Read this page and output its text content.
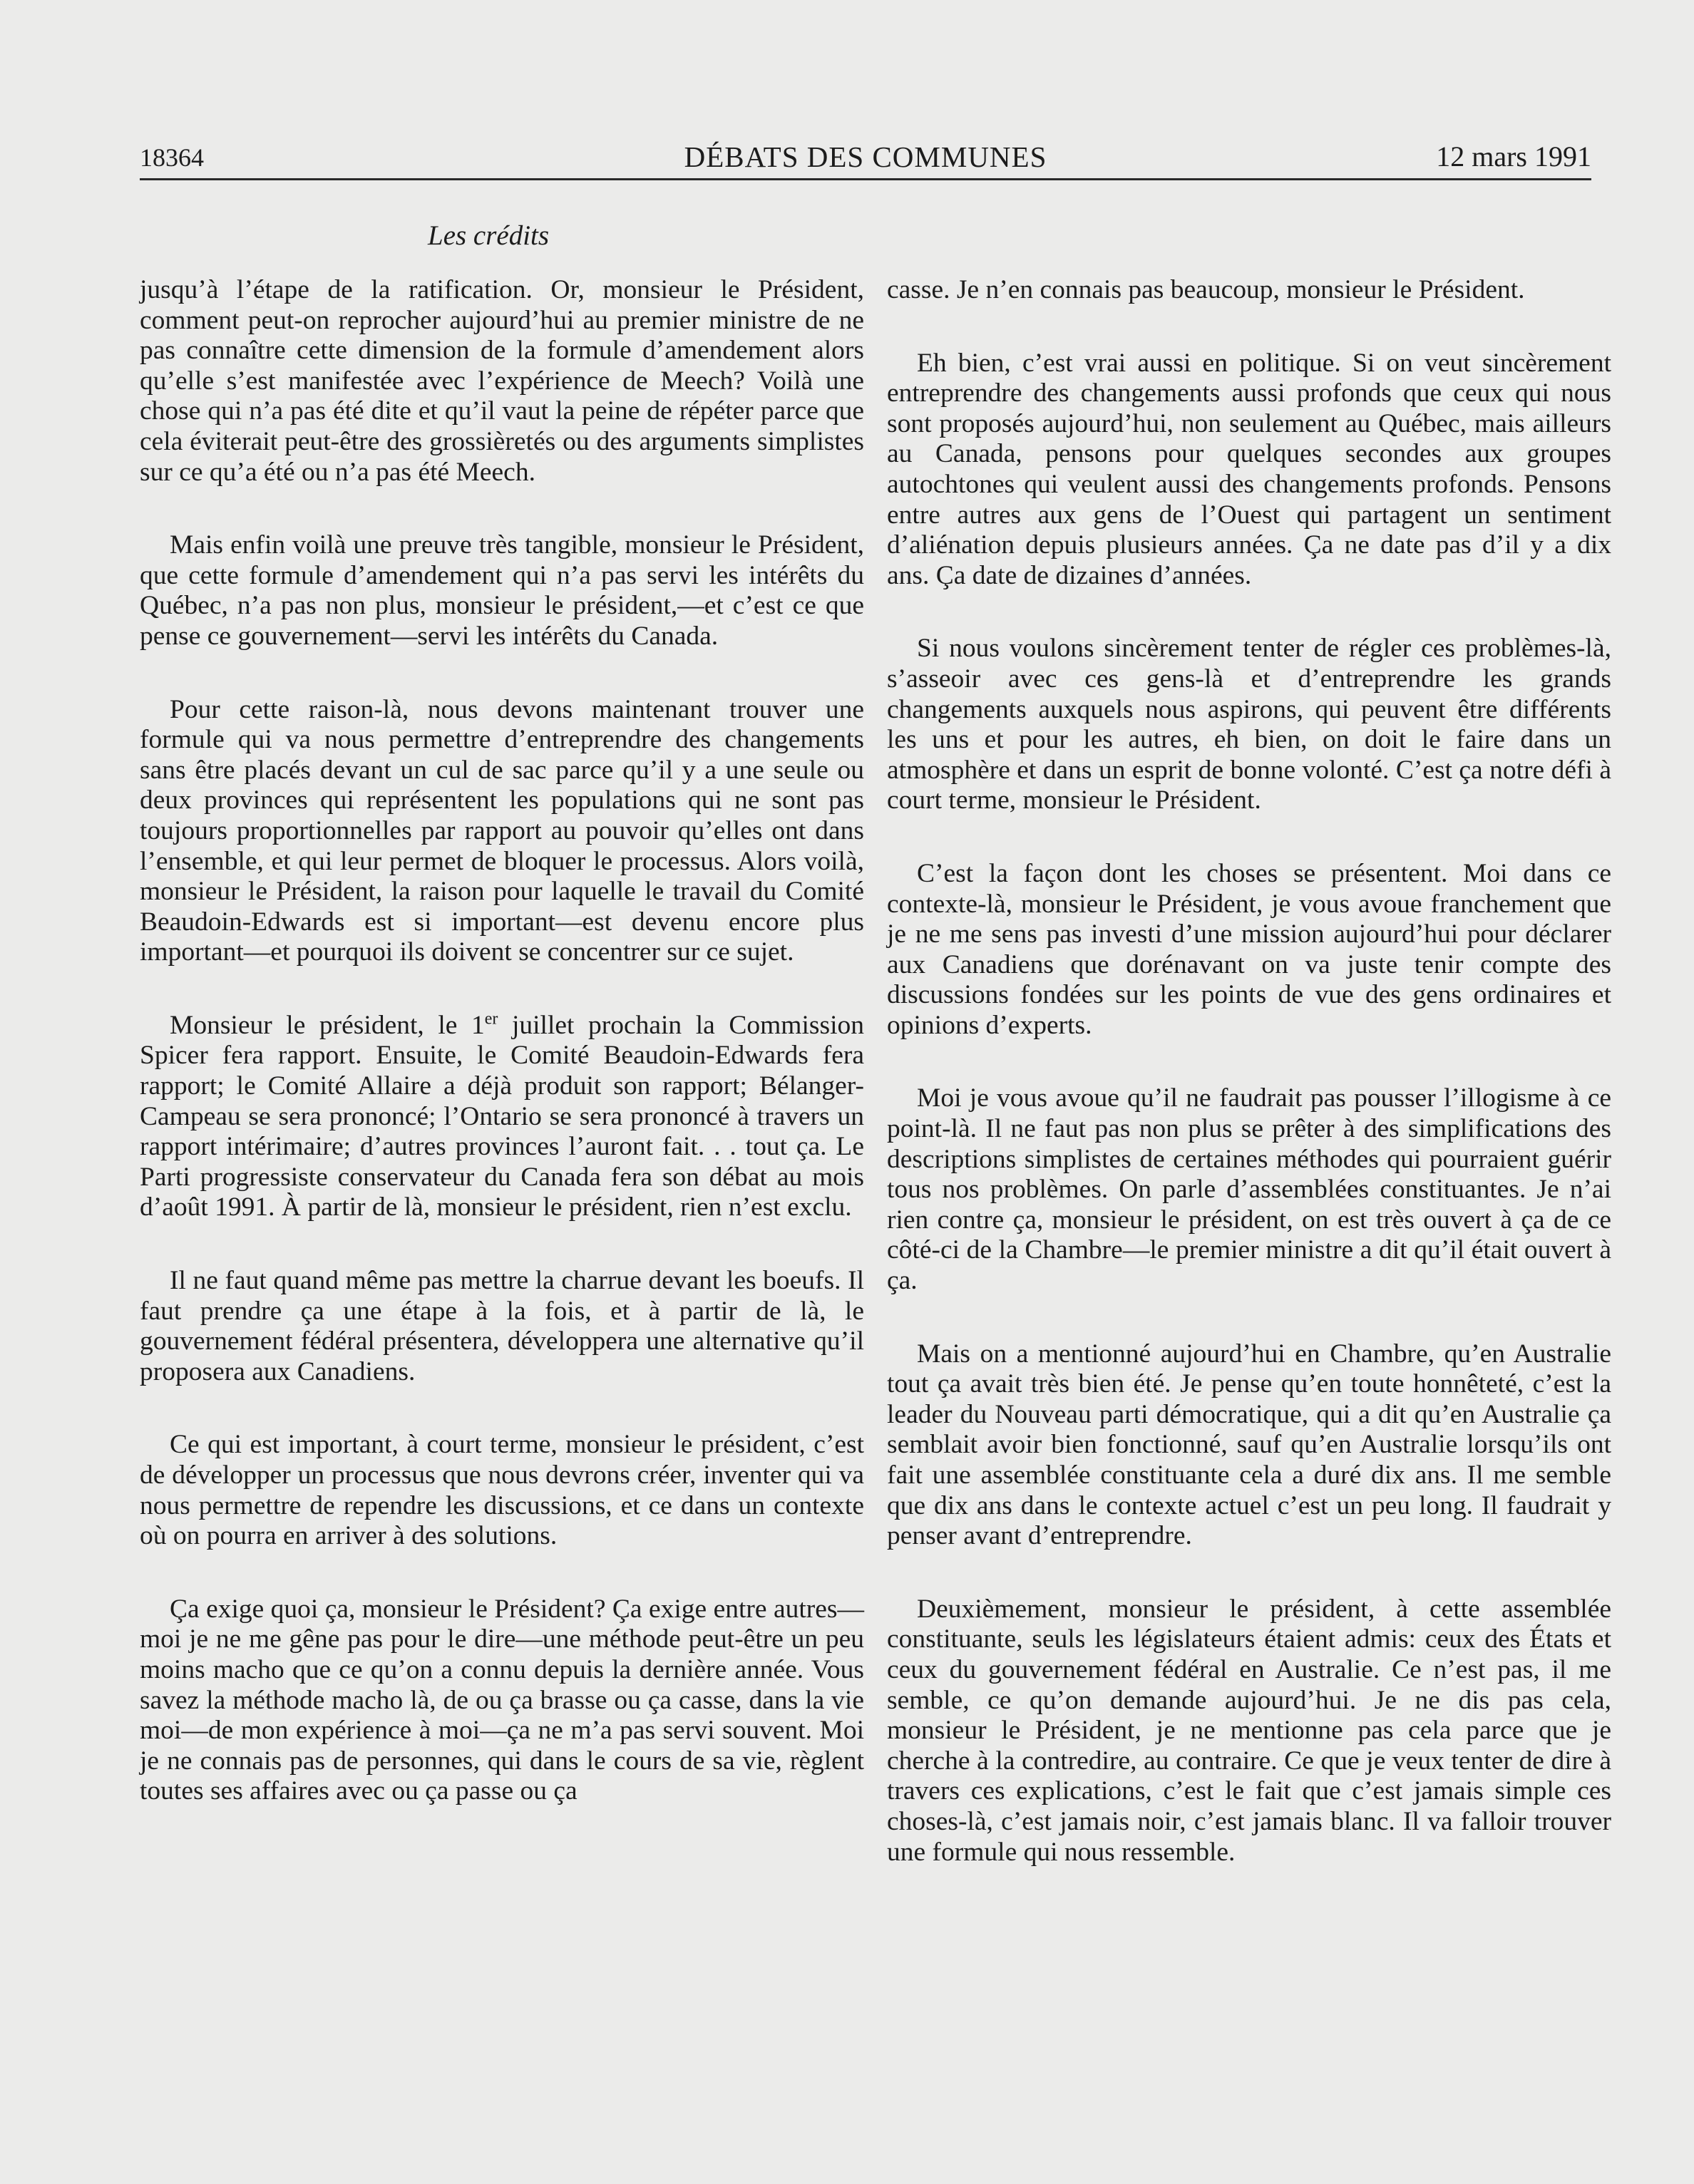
18364	DÉBATS DES COMMUNES	12 mars 1991
Les crédits

jusqu’à l’étape de la ratification. Or, monsieur le Président, comment peut-on reprocher aujourd’hui au premier ministre de ne pas connaître cette dimension de la formule d’amendement alors qu’elle s’est manifestée avec l’expérience de Meech? Voilà une chose qui n’a pas été dite et qu’il vaut la peine de répéter parce que cela éviterait peut-être des grossièretés ou des arguments simplistes sur ce qu’a été ou n’a pas été Meech.

Mais enfin voilà une preuve très tangible, monsieur le Président, que cette formule d’amendement qui n’a pas servi les intérêts du Québec, n’a pas non plus, monsieur le président,—et c’est ce que pense ce gouvernement—servi les intérêts du Canada.

Pour cette raison-là, nous devons maintenant trouver une formule qui va nous permettre d’entreprendre des changements sans être placés devant un cul de sac parce qu’il y a une seule ou deux provinces qui représentent les populations qui ne sont pas toujours proportionnelles par rapport au pouvoir qu’elles ont dans l’ensemble, et qui leur permet de bloquer le processus. Alors voilà, monsieur le Président, la raison pour laquelle le travail du Comité Beaudoin-Edwards est si important—est devenu encore plus important—et pourquoi ils doivent se concentrer sur ce sujet.

Monsieur le président, le 1er juillet prochain la Commission Spicer fera rapport. Ensuite, le Comité Beaudoin-Edwards fera rapport; le Comité Allaire a déjà produit son rapport; Bélanger-Campeau se sera prononcé; l’Ontario se sera prononcé à travers un rapport intérimaire; d’autres provinces l’auront fait. . . tout ça. Le Parti progressiste conservateur du Canada fera son débat au mois d’août 1991. À partir de là, monsieur le président, rien n’est exclu.

Il ne faut quand même pas mettre la charrue devant les boeufs. Il faut prendre ça une étape à la fois, et à partir de là, le gouvernement fédéral présentera, développera une alternative qu’il proposera aux Canadiens.

Ce qui est important, à court terme, monsieur le président, c’est de développer un processus que nous devrons créer, inventer qui va nous permettre de rependre les discussions, et ce dans un contexte où on pourra en arriver à des solutions.

Ça exige quoi ça, monsieur le Président? Ça exige entre autres—moi je ne me gêne pas pour le dire—une méthode peut-être un peu moins macho que ce qu’on a connu depuis la dernière année. Vous savez la méthode macho là, de ou ça brasse ou ça casse, dans la vie moi—de mon expérience à moi—ça ne m’a pas servi souvent. Moi je ne connais pas de personnes, qui dans le cours de sa vie, règlent toutes ses affaires avec ou ça passe ou ça

casse. Je n’en connais pas beaucoup, monsieur le Président.

Eh bien, c’est vrai aussi en politique. Si on veut sincèrement entreprendre des changements aussi profonds que ceux qui nous sont proposés aujourd’hui, non seulement au Québec, mais ailleurs au Canada, pensons pour quelques secondes aux groupes autochtones qui veulent aussi des changements profonds. Pensons entre autres aux gens de l’Ouest qui partagent un sentiment d’aliénation depuis plusieurs années. Ça ne date pas d’il y a dix ans. Ça date de dizaines d’années.

Si nous voulons sincèrement tenter de régler ces problèmes-là, s’asseoir avec ces gens-là et d’entreprendre les grands changements auxquels nous aspirons, qui peuvent être différents les uns et pour les autres, eh bien, on doit le faire dans un atmosphère et dans un esprit de bonne volonté. C’est ça notre défi à court terme, monsieur le Président.

C’est la façon dont les choses se présentent. Moi dans ce contexte-là, monsieur le Président, je vous avoue franchement que je ne me sens pas investi d’une mission aujourd’hui pour déclarer aux Canadiens que dorénavant on va juste tenir compte des discussions fondées sur les points de vue des gens ordinaires et opinions d’experts.

Moi je vous avoue qu’il ne faudrait pas pousser l’illogisme à ce point-là. Il ne faut pas non plus se prêter à des simplifications des descriptions simplistes de certaines méthodes qui pourraient guérir tous nos problèmes. On parle d’assemblées constituantes. Je n’ai rien contre ça, monsieur le président, on est très ouvert à ça de ce côté-ci de la Chambre—le premier ministre a dit qu’il était ouvert à ça.

Mais on a mentionné aujourd’hui en Chambre, qu’en Australie tout ça avait très bien été. Je pense qu’en toute honnêteté, c’est la leader du Nouveau parti démocratique, qui a dit qu’en Australie ça semblait avoir bien fonctionné, sauf qu’en Australie lorsqu’ils ont fait une assemblée constituante cela a duré dix ans. Il me semble que dix ans dans le contexte actuel c’est un peu long. Il faudrait y penser avant d’entreprendre.

Deuxièmement, monsieur le président, à cette assemblée constituante, seuls les législateurs étaient admis: ceux des États et ceux du gouvernement fédéral en Australie. Ce n’est pas, il me semble, ce qu’on demande aujourd’hui. Je ne dis pas cela, monsieur le Président, je ne mentionne pas cela parce que je cherche à la contredire, au contraire. Ce que je veux tenter de dire à travers ces explications, c’est le fait que c’est jamais simple ces choses-là, c’est jamais noir, c’est jamais blanc. Il va falloir trouver une formule qui nous ressemble.
